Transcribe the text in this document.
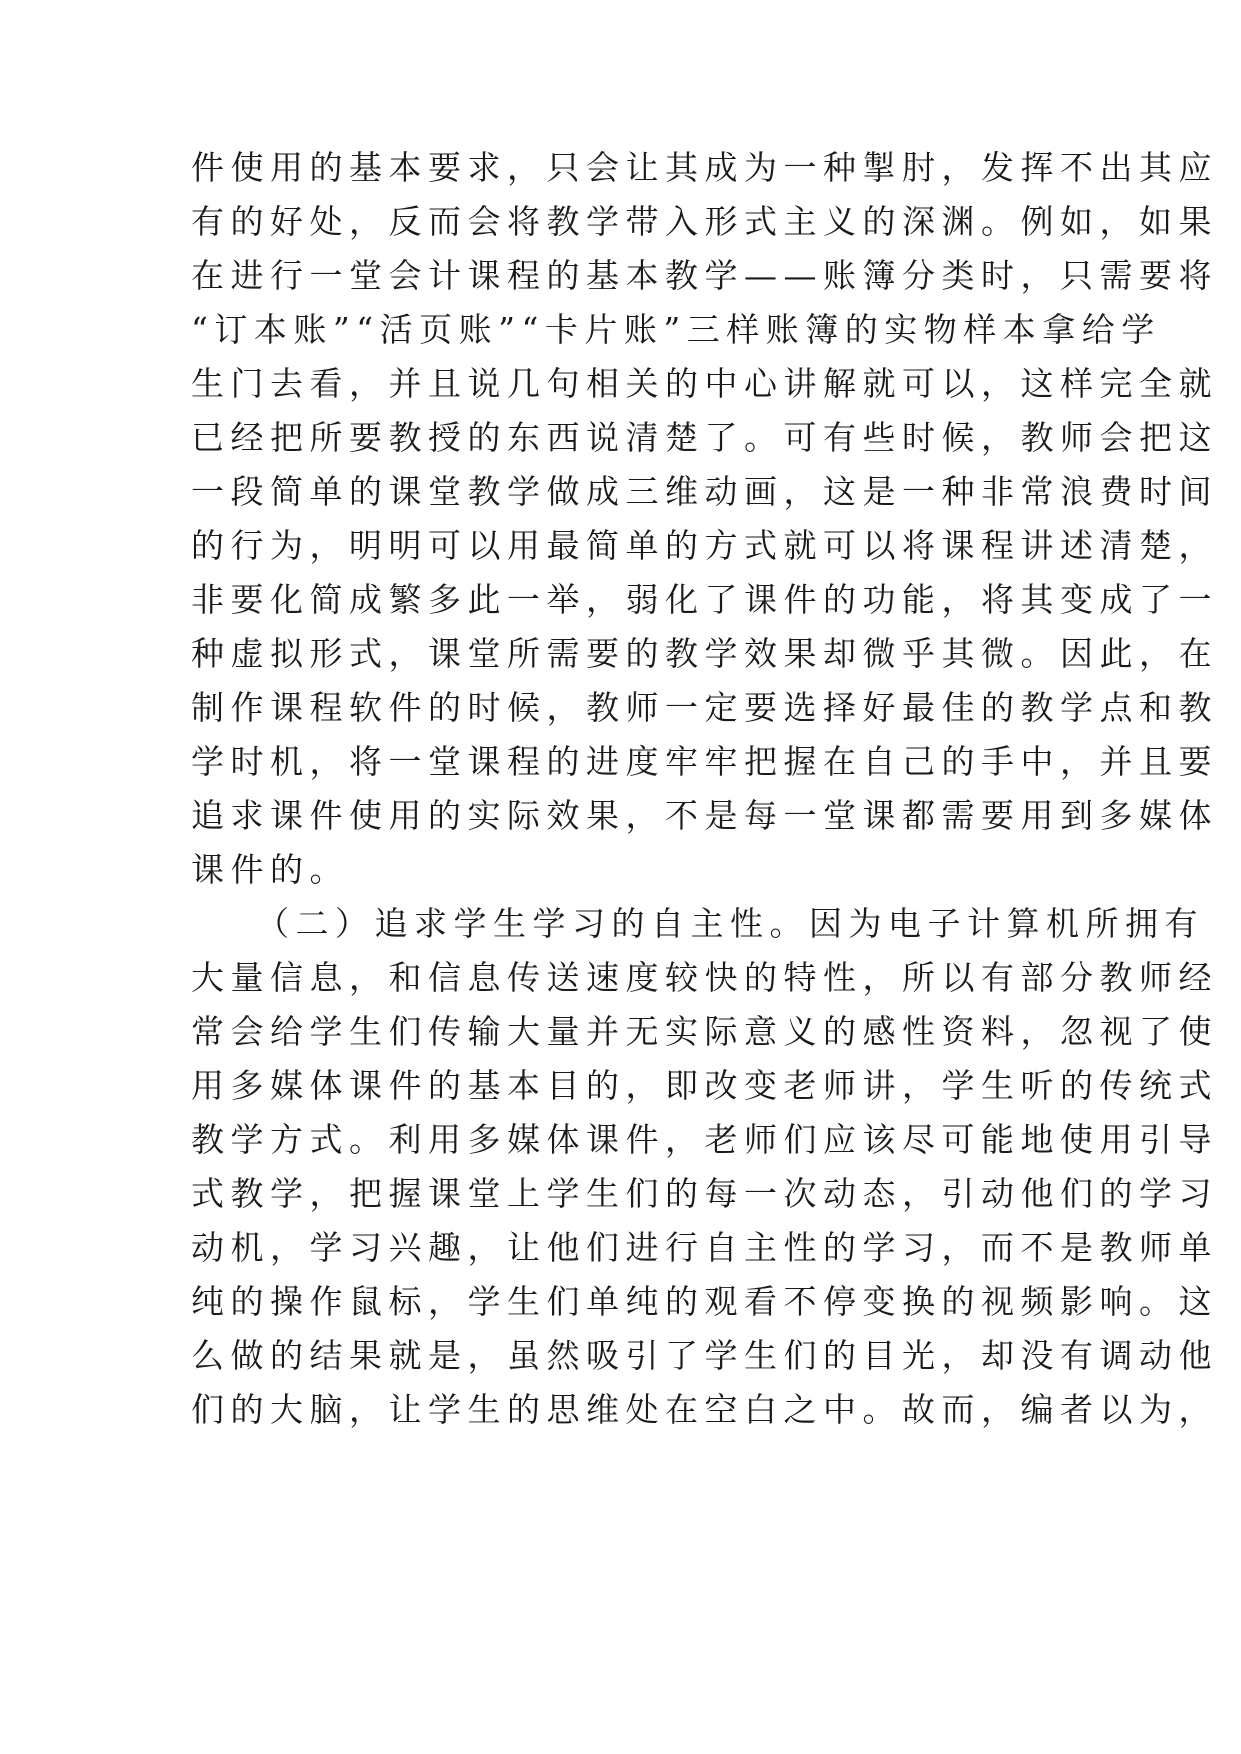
件使用的基本要求，只会让其成为一种掣肘，发挥不出其应
有的好处，反而会将教学带入形式主义的深渊。例如，如果
在进行一堂会计课程的基本教学——账簿分类时，只需要将
“订本账”“活页账”“卡片账”三样账簿的实物样本拿给学
生门去看，并且说几句相关的中心讲解就可以，这样完全就
已经把所要教授的东西说清楚了。可有些时候，教师会把这
一段简单的课堂教学做成三维动画，这是一种非常浪费时间
的行为，明明可以用最简单的方式就可以将课程讲述清楚，
非要化简成繁多此一举，弱化了课件的功能，将其变成了一
种虚拟形式，课堂所需要的教学效果却微乎其微。因此，在
制作课程软件的时候，教师一定要选择好最佳的教学点和教
学时机，将一堂课程的进度牢牢把握在自己的手中，并且要
追求课件使用的实际效果，不是每一堂课都需要用到多媒体
课件的。
（二）追求学生学习的自主性。因为电子计算机所拥有
大量信息，和信息传送速度较快的特性，所以有部分教师经
常会给学生们传输大量并无实际意义的感性资料，忽视了使
用多媒体课件的基本目的，即改变老师讲，学生听的传统式
教学方式。利用多媒体课件，老师们应该尽可能地使用引导
式教学，把握课堂上学生们的每一次动态，引动他们的学习
动机，学习兴趣，让他们进行自主性的学习，而不是教师单
纯的操作鼠标，学生们单纯的观看不停变换的视频影响。这
么做的结果就是，虽然吸引了学生们的目光，却没有调动他
们的大脑，让学生的思维处在空白之中。故而，编者以为，
